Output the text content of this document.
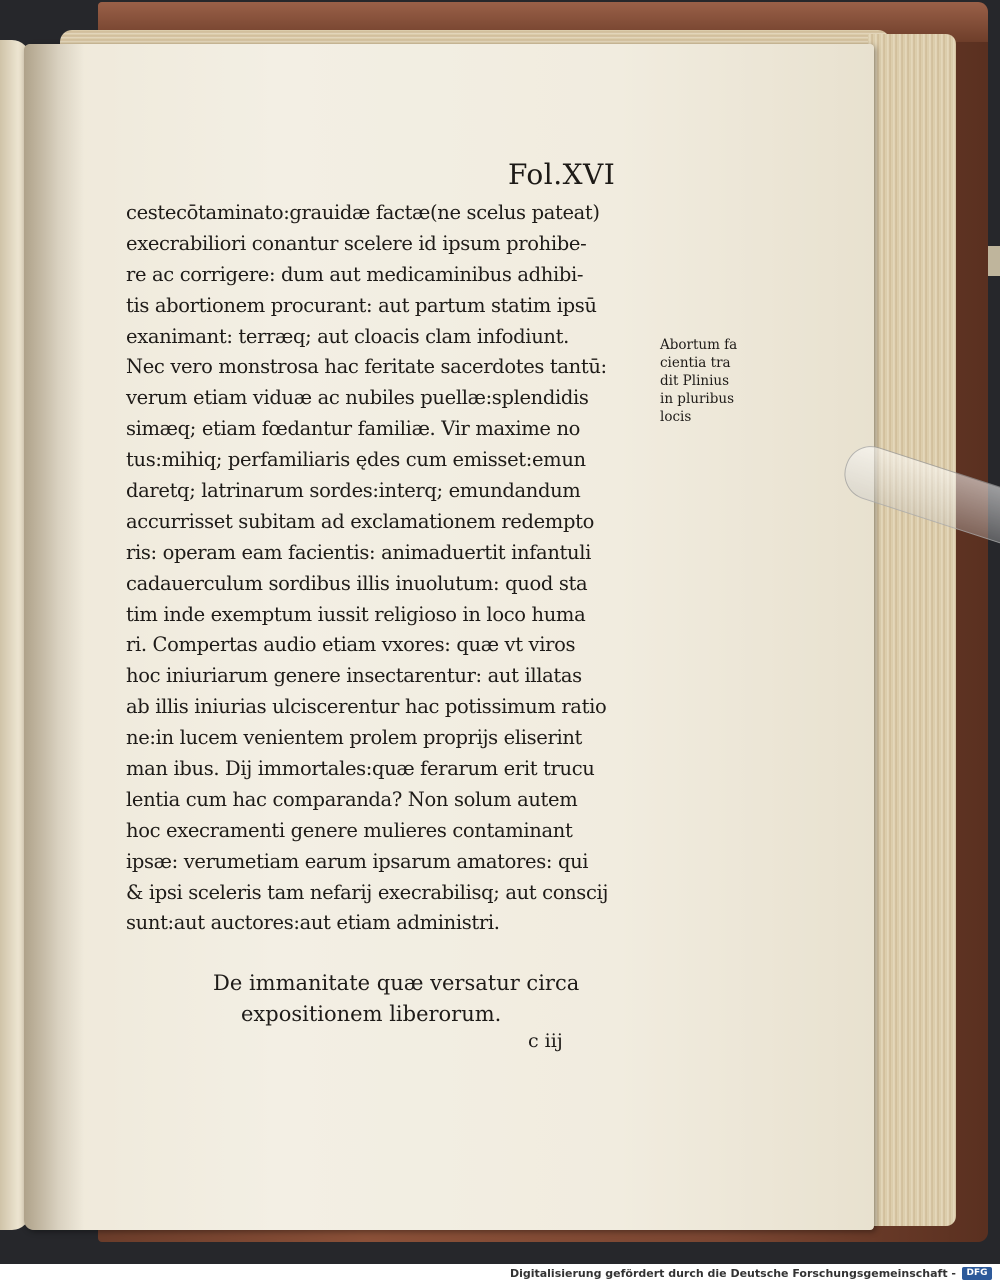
Fol.XVI
cestecōtaminato:grauidæ factæ(ne scelus pateat)
execrabiliori conantur scelere id ipsum prohibe-
re ac corrigere: dum aut medicaminibus adhibi-
tis abortionem procurant: aut partum statim ipsū
exanimant: terræq; aut cloacis clam infodiunt.
Nec vero monstrosa hac feritate sacerdotes tantū:
verum etiam viduæ ac nubiles puellæ:splendidis
simæq; etiam fœdantur familiæ. Vir maxime no
tus:mihiq; perfamiliaris ędes cum emisset:emun
daretq; latrinarum sordes:interq; emundandum
accurrisset subitam ad exclamationem redempto
ris: operam eam facientis: animaduertit infantuli
cadauerculum sordibus illis inuolutum: quod sta
tim inde exemptum iussit religioso in loco huma
ri. Compertas audio etiam vxores: quæ vt viros
hoc iniuriarum genere insectarentur: aut illatas
ab illis iniurias ulciscerentur hac potissimum ratio
ne:in lucem venientem prolem proprijs eliserint
man ibus. Dij immortales:quæ ferarum erit trucu
lentia cum hac comparanda? Non solum autem
hoc execramenti genere mulieres contaminant
ipsæ: verumetiam earum ipsarum amatores: qui
& ipsi sceleris tam nefarij execrabilisq; aut conscij
sunt:aut auctores:aut etiam administri.
Abortum fa
cientia tra
dit Plinius
in pluribus
locis
De immanitate quæ versatur circa
expositionem liberorum.
c iij
Digitalisierung gefördert durch die Deutsche Forschungsgemeinschaft -	DFG
